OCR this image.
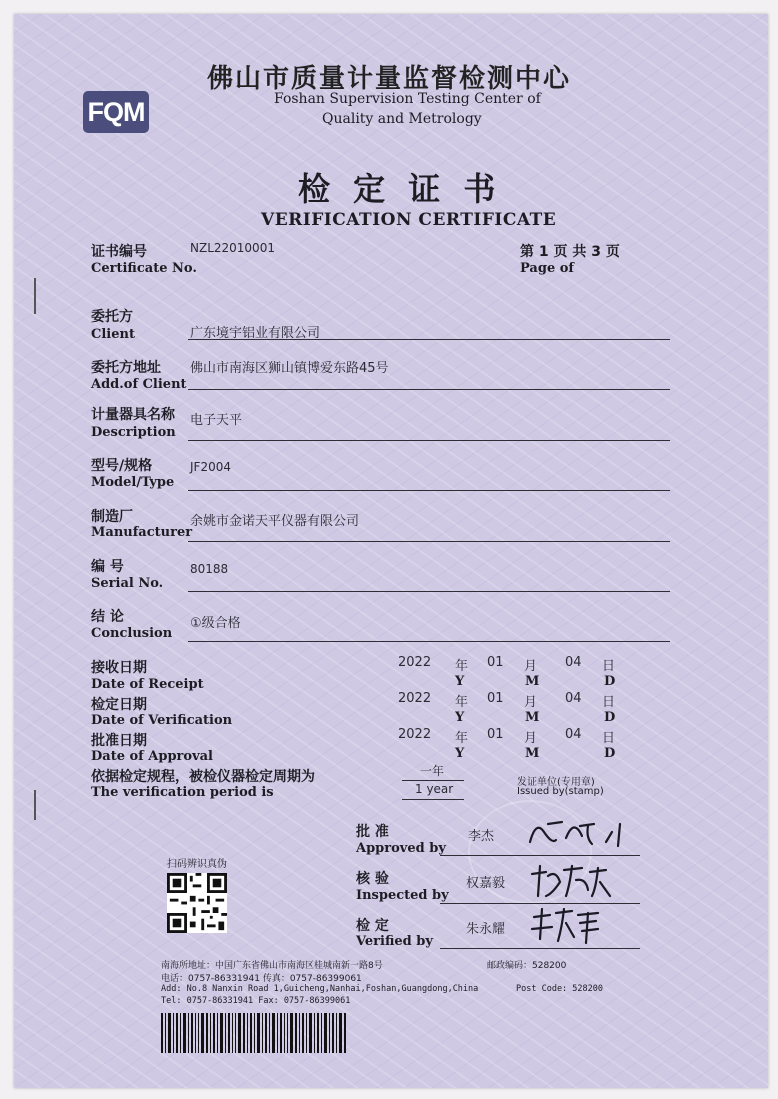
FQM
佛山市质量计量监督检测中心
Foshan Supervision Testing Center of
Quality and Metrology
检 定 证 书
VERIFICATION CERTIFICATE
证书编号
Certificate No.
NZL22010001	第 1 页 共 3 页
Page of
委托方
Client	广东境宇铝业有限公司
委托方地址
Add.of Client
佛山市南海区狮山镇博爱东路45号
计量器具名称
Description
电子天平
型号/规格
Model/Type
JF2004
制造厂
Manufacturer
余姚市金诺天平仪器有限公司
编 号
Serial No.
80188
结 论
Conclusion
①级合格
接收日期
Date of Receipt
2022 年 01 月 04 日
Y	M	D
检定日期
Date of Verification
2022 年 01 月 04 日
Y	M	D
批准日期
Date of Approval
2022 年 01 月 04 日
Y	M	D
依据检定规程，被检仪器检定周期为
The verification period is
一年
1 year	发证单位(专用章)
Issued by(stamp)
批 准
Approved by
李杰
核 验
Inspected by
权嘉毅
检 定
Verified by
朱永耀
扫码辨识真伪
南海所地址：中国广东省佛山市南海区桂城南新一路8号
电话：0757-86331941 传真：0757-86399061
邮政编码：528200
Add: No.8 Nanxin Road 1,Guicheng,Nanhai,Foshan,Guangdong,China	Post Code: 528200
Tel: 0757-86331941 Fax: 0757-86399061
